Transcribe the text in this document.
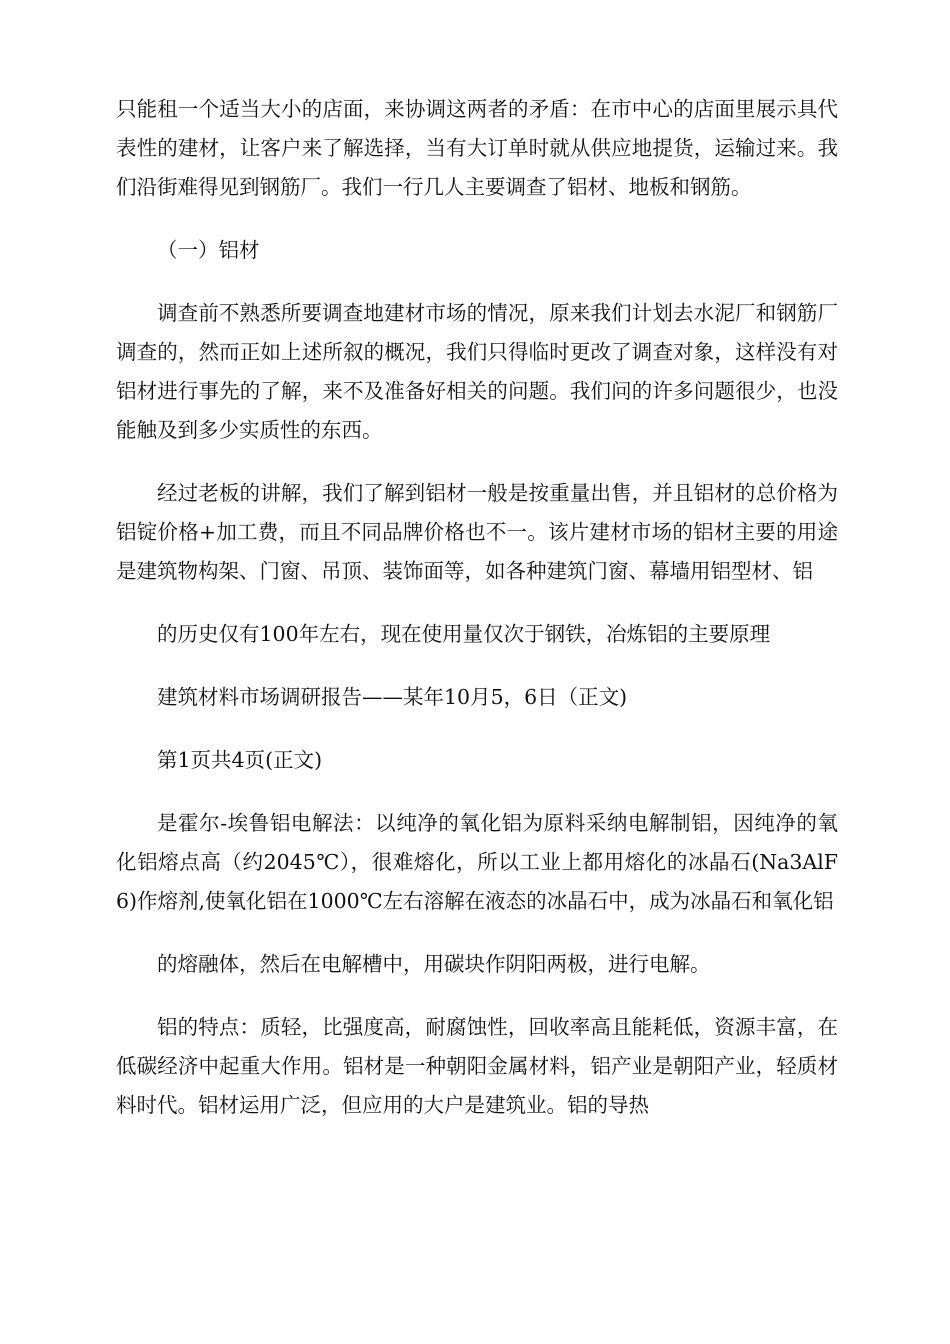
只能租一个适当大小的店面，来协调这两者的矛盾：在市中心的店面里展示具代表性的建材，让客户来了解选择，当有大订单时就从供应地提货，运输过来。我们沿街难得见到钢筋厂。我们一行几人主要调查了铝材、地板和钢筋。

（一）铝材

调查前不熟悉所要调查地建材市场的情况，原来我们计划去水泥厂和钢筋厂调查的，然而正如上述所叙的概况，我们只得临时更改了调查对象，这样没有对铝材进行事先的了解，来不及准备好相关的问题。我们问的许多问题很少，也没能触及到多少实质性的东西。

经过老板的讲解，我们了解到铝材一般是按重量出售，并且铝材的总价格为铝锭价格+加工费，而且不同品牌价格也不一。该片建材市场的铝材主要的用途是建筑物构架、门窗、吊顶、装饰面等，如各种建筑门窗、幕墙用铝型材、铝

的历史仅有100年左右，现在使用量仅次于钢铁，冶炼铝的主要原理

建筑材料市场调研报告——某年10月5，6日（正文)

第1页共4页(正文)

是霍尔-埃鲁铝电解法：以纯净的氧化铝为原料采纳电解制铝，因纯净的氧化铝熔点高（约2045℃），很难熔化，所以工业上都用熔化的冰晶石(Na3AlF6)作熔剂,使氧化铝在1000℃左右溶解在液态的冰晶石中，成为冰晶石和氧化铝

的熔融体，然后在电解槽中，用碳块作阴阳两极，进行电解。

铝的特点：质轻，比强度高，耐腐蚀性，回收率高且能耗低，资源丰富，在低碳经济中起重大作用。铝材是一种朝阳金属材料，铝产业是朝阳产业，轻质材料时代。铝材运用广泛，但应用的大户是建筑业。铝的导热
